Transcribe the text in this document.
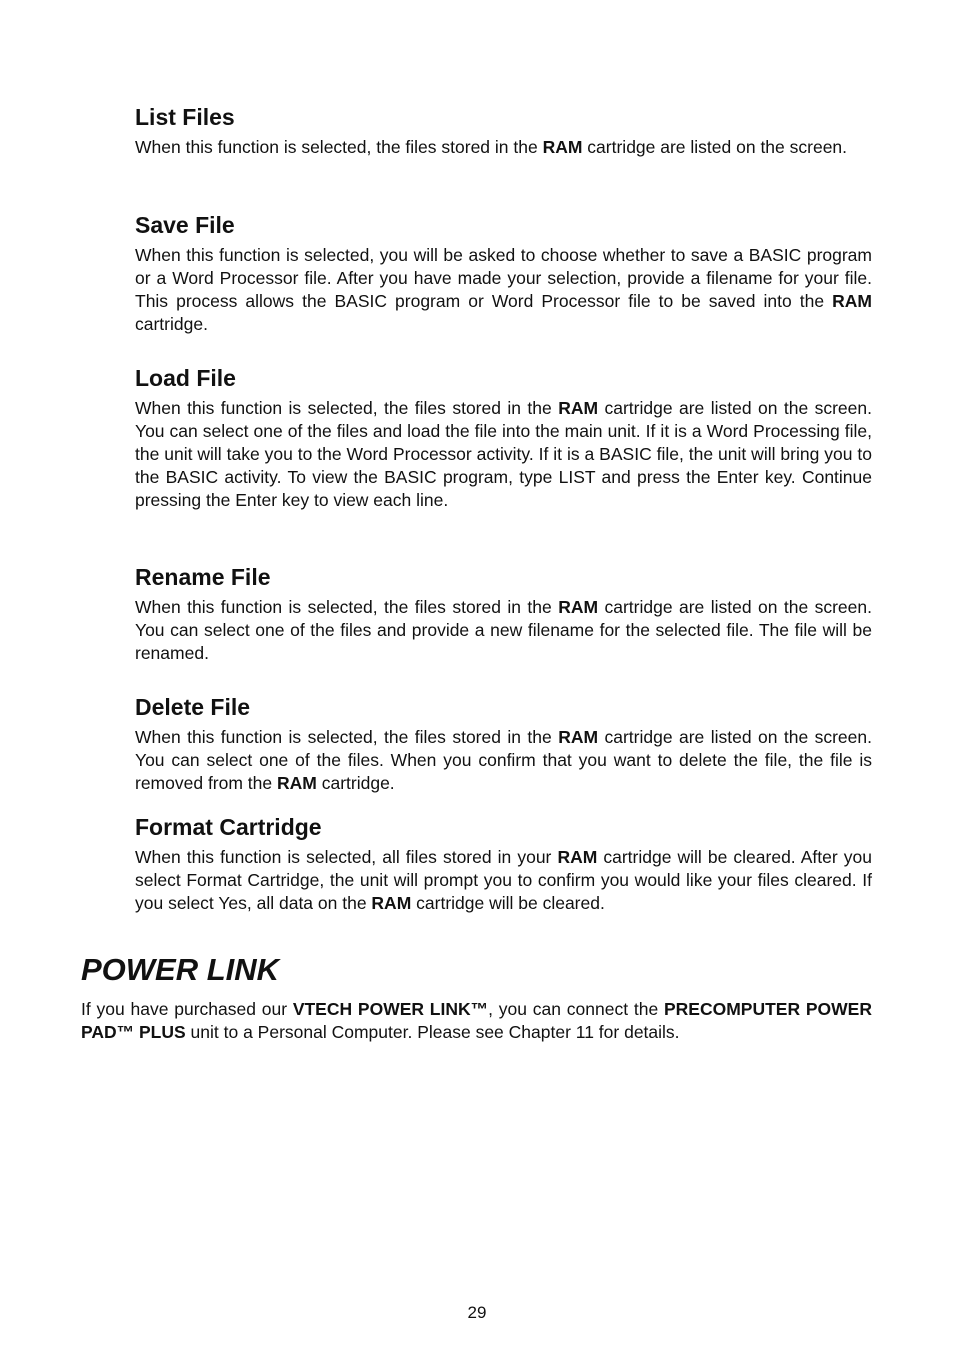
List Files

When this function is selected, the files stored in the RAM cartridge are listed on the screen.

Save File

When this function is selected, you will be asked to choose whether to save a BASIC program or a Word Processor file. After you have made your selection, provide a filename for your file. This process allows the BASIC program or Word Processor file to be saved into the RAM cartridge.

Load File

When this function is selected, the files stored in the RAM cartridge are listed on the screen. You can select one of the files and load the file into the main unit. If it is a Word Processing file, the unit will take you to the Word Processor activity. If it is a BASIC file, the unit will bring you to the BASIC activity. To view the BASIC program, type LIST and press the Enter key. Continue pressing the Enter key to view each line.

Rename File

When this function is selected, the files stored in the RAM cartridge are listed on the screen. You can select one of the files and provide a new filename for the selected file. The file will be renamed.

Delete File

When this function is selected, the files stored in the RAM cartridge are listed on the screen. You can select one of the files. When you confirm that you want to delete the file, the file is removed from the RAM cartridge.

Format Cartridge

When this function is selected, all files stored in your RAM cartridge will be cleared. After you select Format Cartridge, the unit will prompt you to confirm you would like your files cleared. If you select Yes, all data on the RAM cartridge will be cleared.

POWER LINK

If you have purchased our VTECH POWER LINK™, you can connect the PRECOMPUTER POWER PAD™ PLUS unit to a Personal Computer. Please see Chapter 11 for details.

29
